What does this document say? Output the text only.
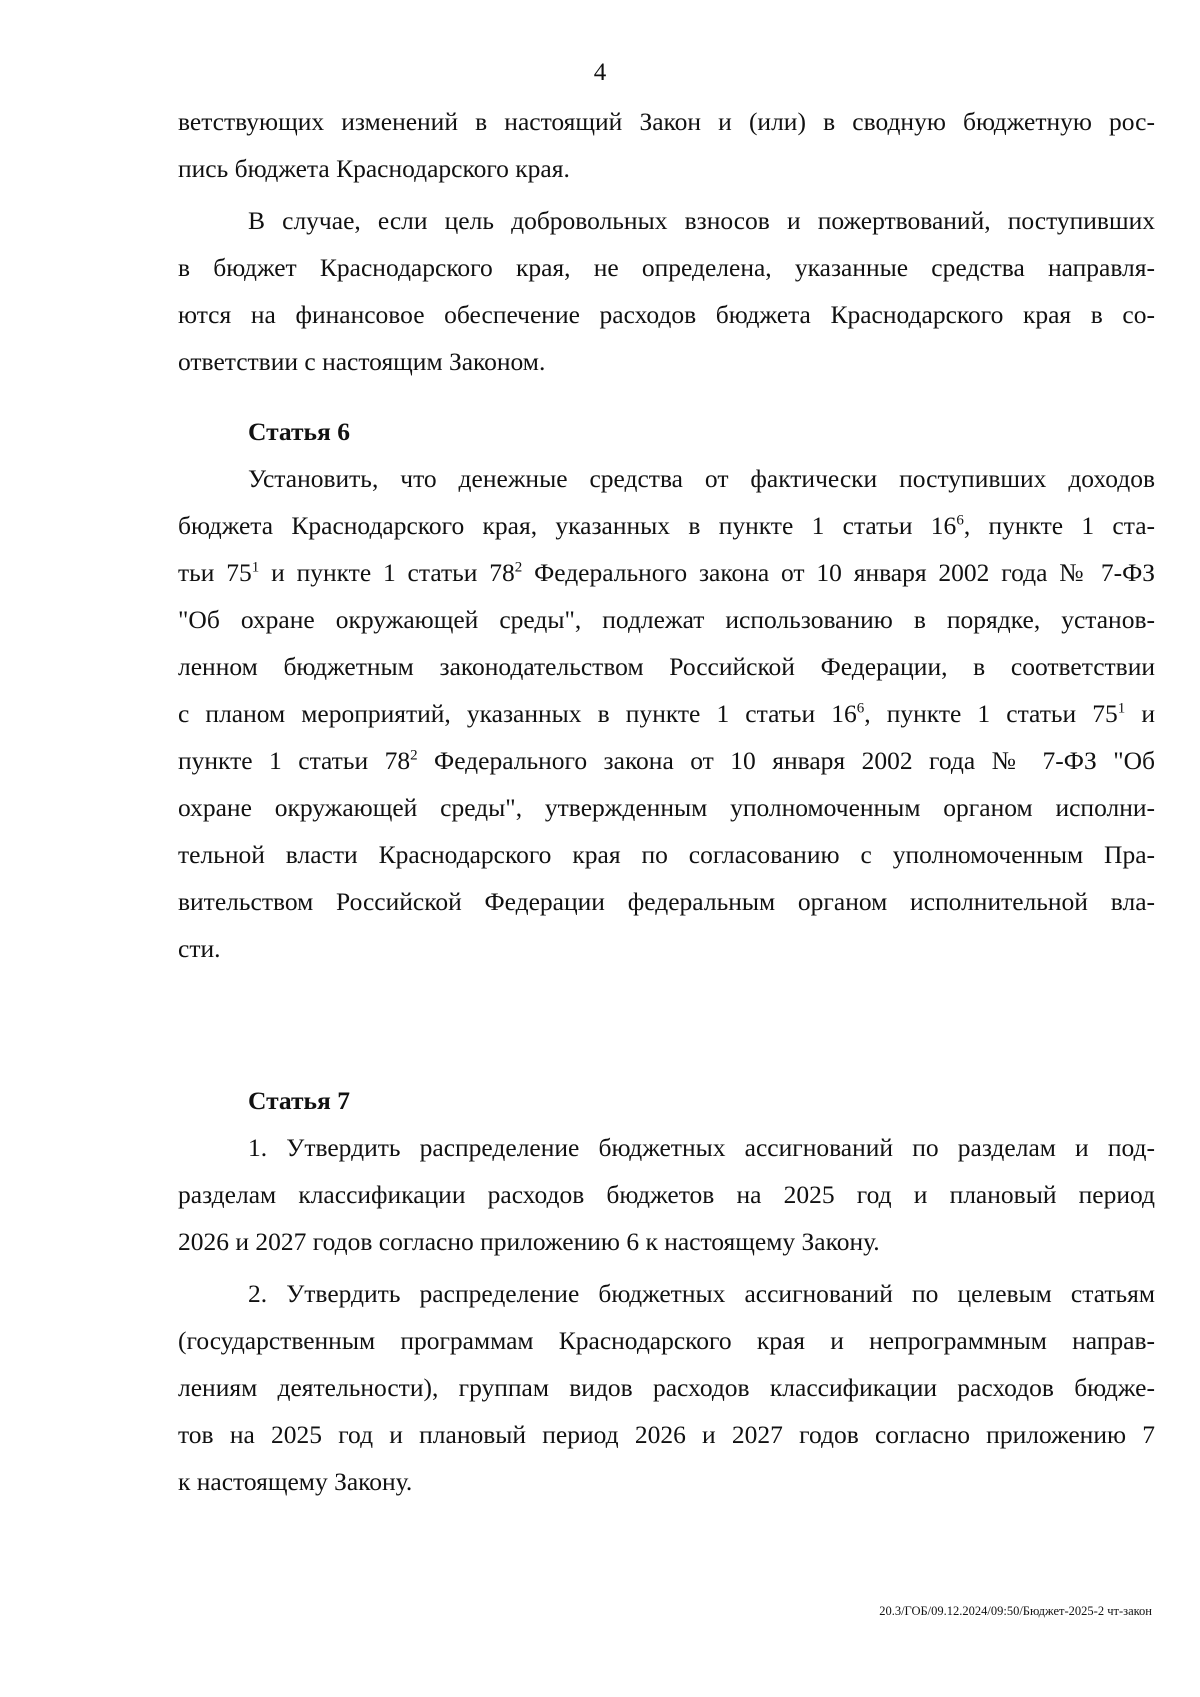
4
ветствующих изменений в настоящий Закон и (или) в сводную бюджетную рос-
пись бюджета Краснодарского края.
В случае, если цель добровольных взносов и пожертвований, поступивших
в бюджет Краснодарского края, не определена, указанные средства направля-
ются на финансовое обеспечение расходов бюджета Краснодарского края в со-
ответствии с настоящим Законом.
Статья 6
Установить, что денежные средства от фактически поступивших доходов
бюджета Краснодарского края, указанных в пункте 1 статьи $16^6$, пункте 1 ста-
тьи $75^1$ и пункте 1 статьи $78^2$ Федерального закона от 10 января 2002 года № 7-ФЗ
"Об охране окружающей среды", подлежат использованию в порядке, установ-
ленном бюджетным законодательством Российской Федерации, в соответствии
с планом мероприятий, указанных в пункте 1 статьи $16^6$, пункте 1 статьи $75^1$ и
пункте 1 статьи $78^2$ Федерального закона от 10 января 2002 года № 7-ФЗ "Об
охране окружающей среды", утвержденным уполномоченным органом исполни-
тельной власти Краснодарского края по согласованию с уполномоченным Пра-
вительством Российской Федерации федеральным органом исполнительной вла-
сти.
Статья 7
1. Утвердить распределение бюджетных ассигнований по разделам и под-
разделам классификации расходов бюджетов на 2025 год и плановый период
2026 и 2027 годов согласно приложению 6 к настоящему Закону.
2. Утвердить распределение бюджетных ассигнований по целевым статьям
(государственным программам Краснодарского края и непрограммным направ-
лениям деятельности), группам видов расходов классификации расходов бюдже-
тов на 2025 год и плановый период 2026 и 2027 годов согласно приложению 7
к настоящему Закону.
20.3/ГОБ/09.12.2024/09:50/Бюджет-2025-2 чт-закон
